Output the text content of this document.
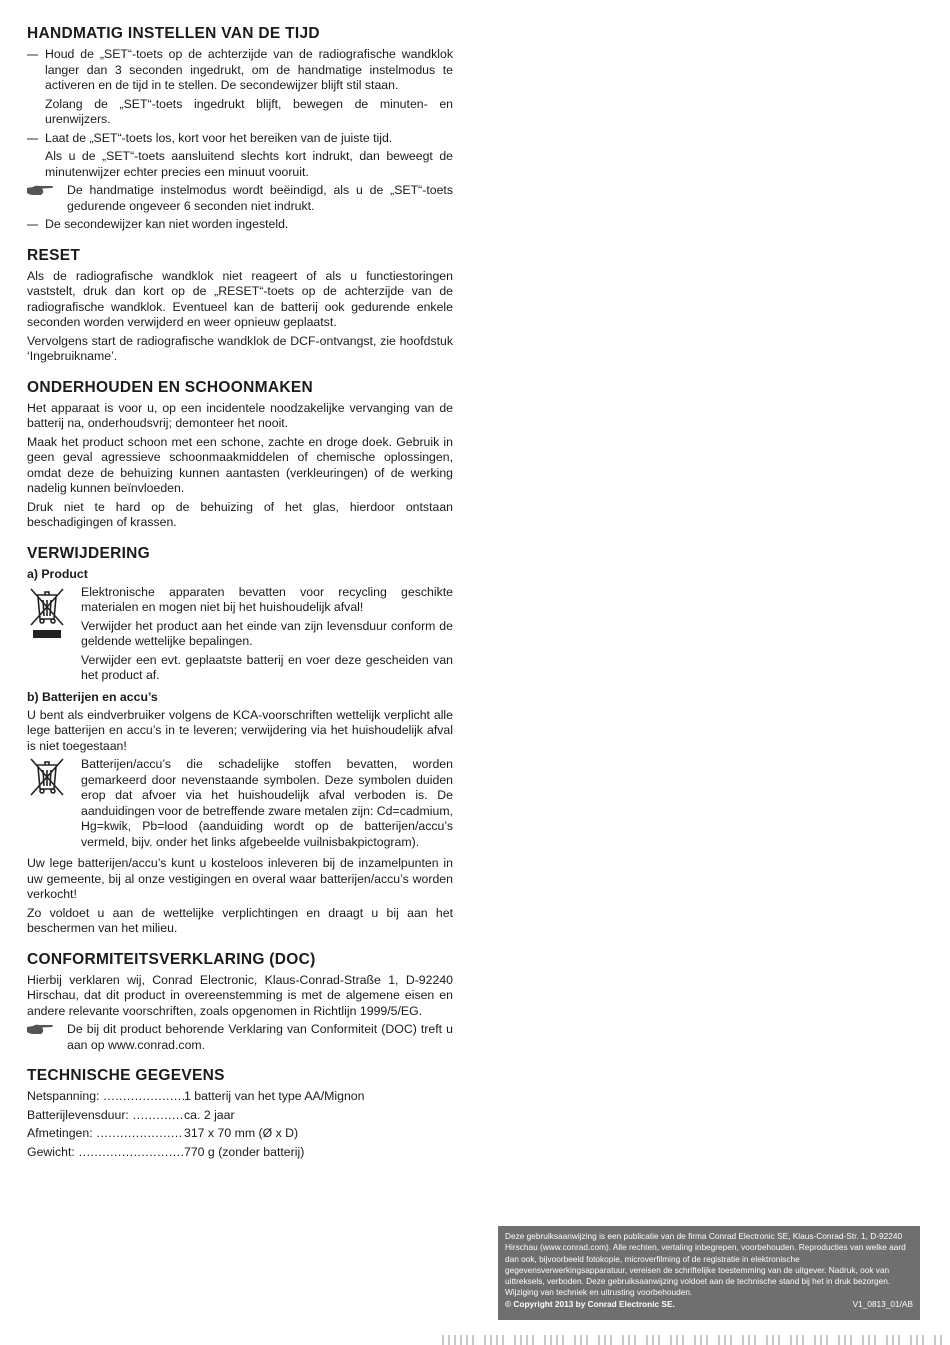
HANDMATIG INSTELLEN VAN DE TIJD
Houd de „SET“-toets op de achterzijde van de radiografische wandklok langer dan 3 seconden ingedrukt, om de handmatige instelmodus te activeren en de tijd in te stellen. De secondewijzer blijft stil staan.

Zolang de „SET“-toets ingedrukt blijft, bewegen de minuten- en urenwijzers.

Laat de „SET“-toets los, kort voor het bereiken van de juiste tijd.

Als u de „SET“-toets aansluitend slechts kort indrukt, dan beweegt de minutenwijzer echter precies een minuut vooruit.

De handmatige instelmodus wordt beëindigd, als u de „SET“-toets gedurende ongeveer 6 seconden niet indrukt.
De secondewijzer kan niet worden ingesteld.
RESET

Als de radiografische wandklok niet reageert of als u functiestoringen vaststelt, druk dan kort op de „RESET“-toets op de achterzijde van de radiografische wandklok. Eventueel kan de batterij ook gedurende enkele seconden worden verwijderd en weer opnieuw geplaatst.

Vervolgens start de radiografische wandklok de DCF-ontvangst, zie hoofdstuk ‘Ingebruikname’.

ONDERHOUDEN EN SCHOONMAKEN

Het apparaat is voor u, op een incidentele noodzakelijke vervanging van de batterij na, onderhoudsvrij; demonteer het nooit.

Maak het product schoon met een schone, zachte en droge doek. Gebruik in geen geval agressieve schoonmaakmiddelen of chemische oplossingen, omdat deze de behuizing kunnen aantasten (verkleuringen) of de werking nadelig kunnen beïnvloeden.

Druk niet te hard op de behuizing of het glas, hierdoor ontstaan beschadigingen of krassen.

VERWIJDERING
a) Product

Elektronische apparaten bevatten voor recycling geschikte materialen en mogen niet bij het huishoudelijk afval!

Verwijder het product aan het einde van zijn levensduur conform de geldende wettelijke bepalingen.

Verwijder een evt. geplaatste batterij en voer deze gescheiden van het product af.

b) Batterijen en accu’s

U bent als eindverbruiker volgens de KCA-voorschriften wettelijk verplicht alle lege batterijen en accu’s in te leveren; verwijdering via het huishoudelijk afval is niet toegestaan!

Batterijen/accu’s die schadelijke stoffen bevatten, worden gemarkeerd door nevenstaande symbolen. Deze symbolen duiden erop dat afvoer via het huishoudelijk afval verboden is. De aanduidingen voor de betreffende zware metalen zijn: Cd=cadmium, Hg=kwik, Pb=lood (aanduiding wordt op de batterijen/accu’s vermeld, bijv. onder het links afgebeelde vuilnisbakpictogram).

Uw lege batterijen/accu’s kunt u kosteloos inleveren bij de inzamelpunten in uw gemeente, bij al onze vestigingen en overal waar batterijen/accu’s worden verkocht!

Zo voldoet u aan de wettelijke verplichtingen en draagt u bij aan het beschermen van het milieu.

CONFORMITEITSVERKLARING (DOC)

Hierbij verklaren wij, Conrad Electronic, Klaus-Conrad-Straße 1, D-92240 Hirschau, dat dit product in overeenstemming is met de algemene eisen en andere relevante voorschriften, zoals opgenomen in Richtlijn 1999/5/EG.

De bij dit product behorende Verklaring van Conformiteit (DOC) treft u aan op www.conrad.com.
TECHNISCHE GEGEVENS
Netspanning: .....	1 batterij van het type AA/Mignon
Batterijlevensduur: .....	ca. 2 jaar
Afmetingen: .....	317 x 70 mm (Ø x D)
Gewicht: .....	770 g (zonder batterij)
Deze gebruiksaanwijzing is een publicatie van de firma Conrad Electronic SE, Klaus-Conrad-Str. 1, D-92240 Hirschau (www.conrad.com). Alle rechten, vertaling inbegrepen, voorbehouden. Reproducties van welke aard dan ook, bijvoorbeeld fotokopie, microverfilming of de registratie in elektronische gegevensverwerkingsapparatuur, vereisen de schriftelijke toestemming van de uitgever. Nadruk, ook van uittreksels, verboden. Deze gebruiksaanwijzing voldoet aan de technische stand bij het in druk bezorgen. Wijziging van techniek en uitrusting voorbehouden.
© Copyright 2013 by Conrad Electronic SE.	V1_0813_01/AB
